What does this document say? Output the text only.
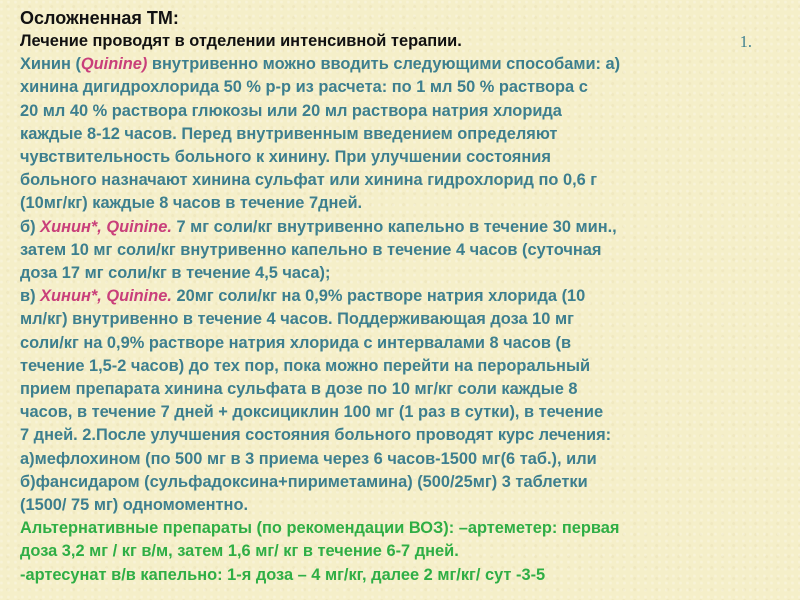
Осложненная ТМ:
Лечение проводят в отделении интенсивной терапии.	1.
Хинин (Quinine) внутривенно можно вводить следующими способами: а)
хинина дигидрохлорида 50 % р-р из расчета: по 1 мл 50 % раствора с
20 мл 40 % раствора глюкозы или 20 мл раствора натрия хлорида
каждые 8-12 часов. Перед внутривенным введением определяют
чувствительность больного к хинину. При улучшении состояния
больного назначают хинина сульфат или хинина гидрохлорид по 0,6 г
(10мг/кг) каждые 8 часов в течение 7дней.
б) Хинин*, Quinine. 7 мг соли/кг внутривенно капельно в течение 30 мин.,
затем 10 мг соли/кг внутривенно капельно в течение 4 часов (суточная
доза 17 мг соли/кг в течение 4,5 часа);
в) Хинин*, Quinine. 20мг соли/кг на 0,9% растворе натрия хлорида (10
мл/кг) внутривенно в течение 4 часов. Поддерживающая доза 10 мг
соли/кг на 0,9% растворе натрия хлорида с интервалами 8 часов (в
течение 1,5-2 часов) до тех пор, пока можно перейти на пероральный
прием препарата хинина сульфата в дозе по 10 мг/кг соли каждые 8
часов, в течение 7 дней + доксициклин 100 мг (1 раз в сутки), в течение
7 дней. 2.После улучшения состояния больного проводят курс лечения:
а)мефлохином (по 500 мг в 3 приема через 6 часов-1500 мг(6 таб.), или
б)фансидаром (сульфадоксина+пириметамина) (500/25мг) 3 таблетки
(1500/ 75 мг) одномоментно.
Альтернативные препараты (по рекомендации ВОЗ): –артеметер: первая
доза 3,2 мг / кг в/м, затем 1,6 мг/ кг в течение 6-7 дней.
-артесунат в/в капельно: 1-я доза – 4 мг/кг, далее 2 мг/кг/ сут -3-5
